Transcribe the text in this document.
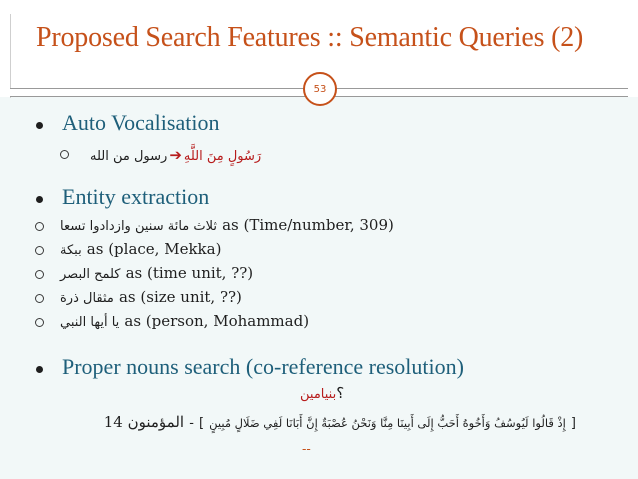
Proposed Search Features :: Semantic Queries (2)
53
Auto Vocalisation
رسول من الله ➔ رَسُولٍ مِنَ اللَّهِ
Entity extraction
ثلاث مائة سنين وازدادوا تسعا as (Time/number, 309)
ببكة as (place, Mekka)
كلمح البصر as (time unit, ??)
مثقال ذرة as (size unit, ??)
يا أيها النبي as (person, Mohammad)
Proper nouns search (co-reference resolution)
بنيامين؟
[ إِذْ قَالُوا لَيُوسُفُ وَأَخُوهُ أَحَبُّ إِلَى أَبِينَا مِنَّا وَنَحْنُ عُصْبَةٌ إِنَّ أَبَانَا لَفِي ضَلَالٍ مُبِينٍ ] - المؤمنون 14
--
